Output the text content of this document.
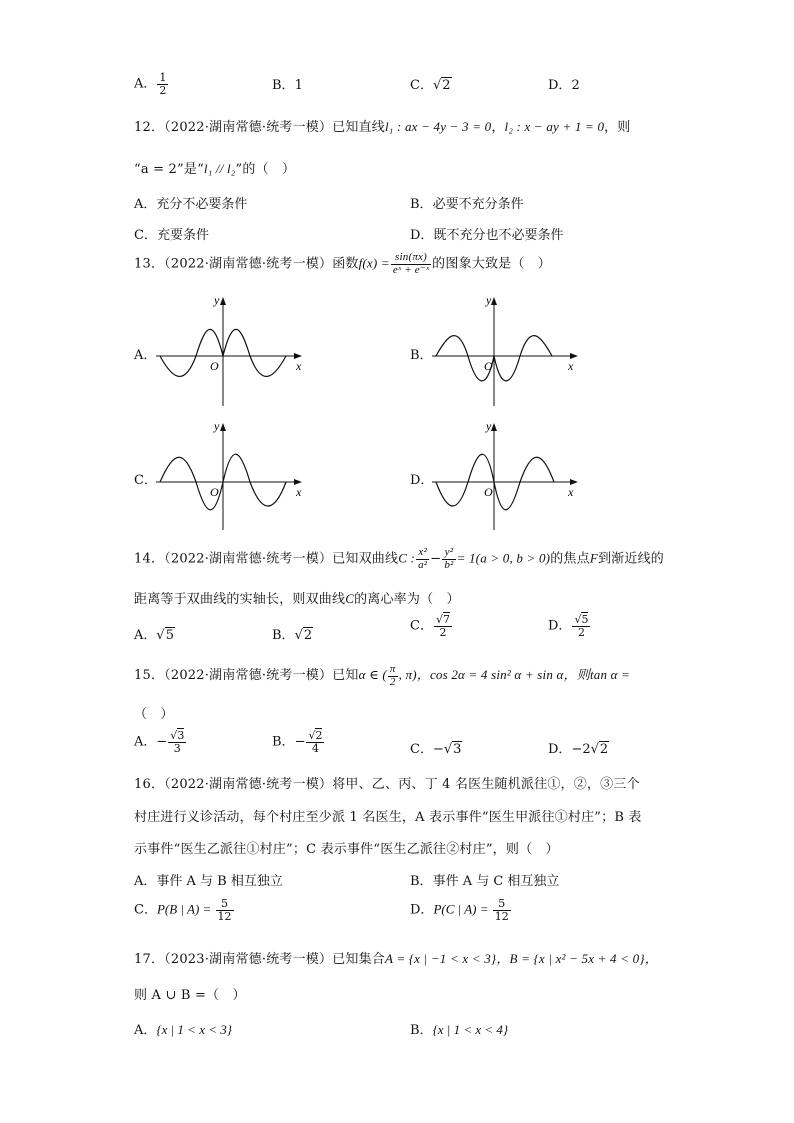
A． $\frac{1}{2}$	B．1	C．√2	D．2
12．（2022·湖南常德·统考一模）已知直线l₁ : ax − 4y − 3 = 0，l₂ : x − ay + 1 = 0，则
“a = 2”是“l₁ // l₂”的（　）
A．充分不必要条件	B．必要不充分条件
C．充要条件	D．既不充分也不必要条件
13．（2022·湖南常德·统考一模）函数$f(x) = \frac{\sin(\pi x)}{\text{eˣ + e⁻ˣ}}$ 的图象大致是（　）
A．	B．
C．	D．
x
y
O	x
y
O
x
y
O	x
y
O
14．（2022·湖南常德·统考一模）已知双曲线C : $\frac{\text{x²}}{\text{a²}} - \frac{\text{y²}}{\text{b²}} = 1(a > 0$, b > 0)的焦点F到渐近线的
距离等于双曲线的实轴长，则双曲线C的离心率为（　）
A．√5	B．√2
C． $\frac{√7}{2}$	D． $\frac{√5}{2}$
15．（2022·湖南常德·统考一模）已知α ∈ ( $\frac{\pi}{2}$ , π)，cos 2α = 4 sin² α + sin α，则tan α =
（　）
A．− $\frac{√3}{3}$	B．− $\frac{√2}{4}$	C．−√3	D．−2√2
16．（2022·湖南常德·统考一模）将甲、乙、丙、丁 4 名医生随机派往①，②，③三个
村庄进行义诊活动，每个村庄至少派 1 名医生，A 表示事件“医生甲派往①村庄”；B 表
示事件“医生乙派往①村庄”；C 表示事件“医生乙派往②村庄”，则（　）
A．事件 A 与 B 相互独立	B．事件 A 与 C 相互独立
C．P(B | $A) = \frac{5}{12}$	D．P(C | $A) = \frac{5}{12}$
17．（2023·湖南常德·统考一模）已知集合A = {x | −1 < x < 3}，B = {x | x² − 5x + 4 < 0}，
则 A ∪ B =（　）
A．{x | 1 < x < 3}	B．{x | 1 < x < 4}
